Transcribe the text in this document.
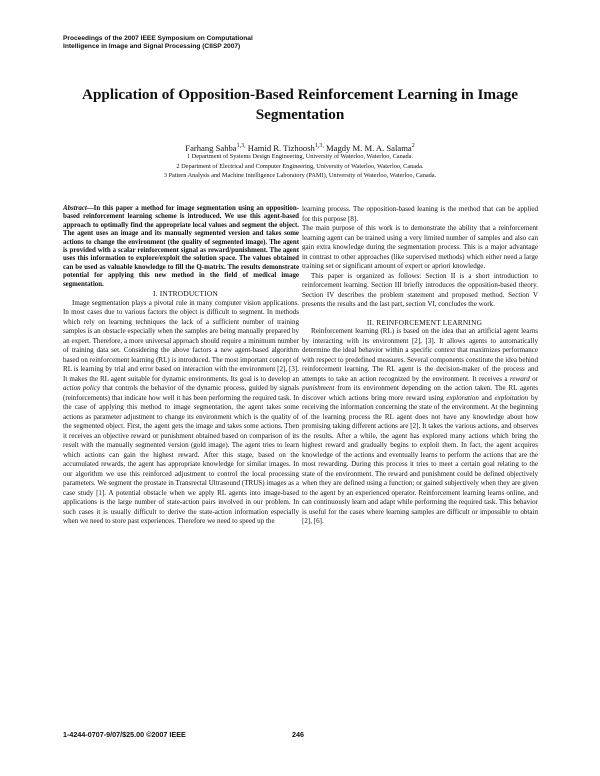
Proceedings of the 2007 IEEE Symposium on Computational
Intelligence in Image and Signal Processing (CIISP 2007)
Application of Opposition-Based Reinforcement Learning in Image Segmentation
Farhang Sahba$^{1,3,}$ Hamid R. Tizhoosh$^{1,3,}$ Magdy M. M. A. Salama$^2$
1 Department of Systems Design Engineering, University of Waterloo, Waterloo, Canada.
2 Department of Electrical and Computer Engineering, University of Waterloo, Waterloo, Canada.
3 Pattern Analysis and Machine Intelligence Laboratory (PAMI), University of Waterloo, Waterloo, Canada.

Abstract—In this paper a method for image segmentation using an opposition-based reinforcement learning scheme is introduced. We use this agent-based approach to optimally find the appropriate local values and segment the object. The agent uses an image and its manually segmented version and takes some actions to change the environment (the quality of segmented image). The agent is provided with a scalar reinforcement signal as reward/punishment. The agent uses this information to explore/exploit the solution space. The values obtained can be used as valuable knowledge to fill the Q-matrix. The results demonstrate potential for applying this new method in the field of medical image segmentation.

I. INTRODUCTION

Image segmentation plays a pivotal rule in many computer vision applications. In most cases due to various factors the object is difficult to segment. In methods which rely on learning techniques the lack of a sufficient number of training samples is an obstacle especially when the samples are being manually prepared by an expert. Therefore, a more universal approach should require a minimum number of training data set. Considering the above factors a new agent-based algorithm based on reinforcement learning (RL) is introduced. The most important concept of RL is learning by trial and error based on interaction with the environment [2], [3]. It makes the RL agent suitable for dynamic environments. Its goal is to develop an action policy that controls the behavior of the dynamic process, guided by signals (reinforcements) that indicate how well it has been performing the required task. In the case of applying this method to image segmentation, the agent takes some actions as parameter adjustment to change its environment which is the quality of the segmented object. First, the agent gets the image and takes some actions. Then it receives an objective reward or punishment obtained based on comparison of its result with the manually segmented version (gold image). The agent tries to learn which actions can gain the highest reward. After this stage, based on the accumulated rewards, the agent has appropriate knowledge for similar images. In our algorithm we use this reinforced adjustment to control the local processing parameters. We segment the prostate in Transrectal Ultrasound (TRUS) images as a case study [1]. A potential obstacle when we apply RL agents into image-based applications is the large number of state-action pairs involved in our problem. In such cases it is usually difficult to derive the state-action information especially when we need to store past experiences. Therefore we need to speed up the

learning process. The opposition-based leaning is the method that can be applied for this purpose [8].

The main purpose of this work is to demonstrate the ability that a reinforcement learning agent can be trained using a very limited number of samples and also can gain extra knowledge during the segmentation process. This is a major advantage in contrast to other approaches (like supervised methods) which either need a large training set or significant amount of expert or apriori knowledge.

This paper is organized as follows: Section II is a short introduction to reinforcement learning. Section III briefly introduces the opposition-based theory. Section IV describes the problem statement and proposed method. Section V presents the results and the last part, section VI, concludes the work.

II. REINFORCEMENT LEARNING

Reinforcement learning (RL) is based on the idea that an artificial agent learns by interacting with its environment [2], [3]. It allows agents to automatically determine the ideal behavior within a specific context that maximizes performance with respect to predefined measures. Several components constitute the idea behind reinforcement learning. The RL agent is the decision-maker of the process and attempts to take an action recognized by the environment. It receives a reward or punishment from its environment depending on the action taken. The RL agents discover which actions bring more reward using exploration and exploitation by receiving the information concerning the state of the environment. At the beginning of the learning process the RL agent does not have any knowledge about how promising taking different actions are [2]. It takes the various actions, and observes the results. After a while, the agent has explored many actions which bring the highest reward and gradually begins to exploit them. In fact, the agent acquires knowledge of the actions and eventually learns to perform the actions that are the most rewarding. During this process it tries to meet a certain goal relating to the state of the environment. The reward and punishment could be defined objectively when they are defined using a function; or gained subjectively when they are given to the agent by an experienced operator. Reinforcement learning learns online, and can continuously learn and adapt while performing the required task. This behavior is useful for the cases where learning samples are difficult or impossible to obtain [2], [6].

1-4244-0707-9/07/$25.00 ©2007 IEEE	246
